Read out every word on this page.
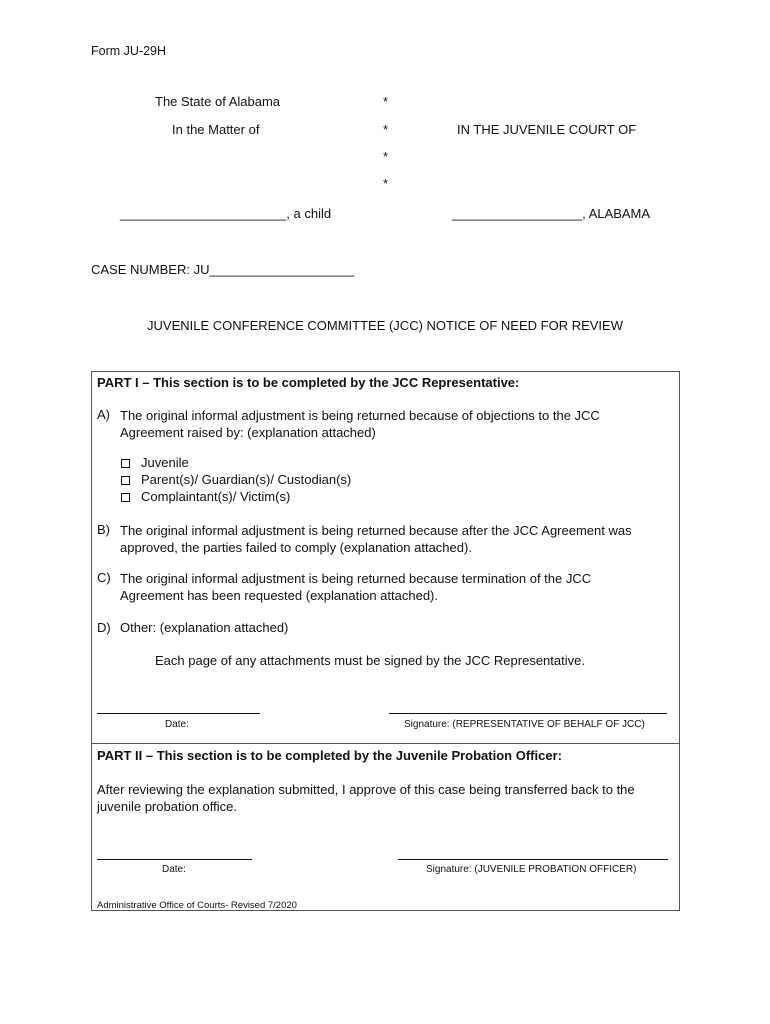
Form JU-29H
The State of Alabama
In the Matter of	IN THE JUVENILE COURT OF
*
*
*
*
_______________________, a child	__________________, ALABAMA
CASE NUMBER: JU____________________
JUVENILE CONFERENCE COMMITTEE (JCC) NOTICE OF NEED FOR REVIEW
PART I – This section is to be completed by the JCC Representative:
A) The original informal adjustment is being returned because of objections to the JCC Agreement raised by: (explanation attached)
Juvenile
Parent(s)/ Guardian(s)/ Custodian(s)
Complaintant(s)/ Victim(s)
B) The original informal adjustment is being returned because after the JCC Agreement was approved, the parties failed to comply (explanation attached).
C) The original informal adjustment is being returned because termination of the JCC Agreement has been requested (explanation attached).
D) Other: (explanation attached)
Each page of any attachments must be signed by the JCC Representative.
Date:	Signature: (REPRESENTATIVE OF BEHALF OF JCC)
PART II – This section is to be completed by the Juvenile Probation Officer:
After reviewing the explanation submitted, I approve of this case being transferred back to the juvenile probation office.
Date:	Signature: (JUVENILE PROBATION OFFICER)
Administrative Office of Courts- Revised 7/2020
